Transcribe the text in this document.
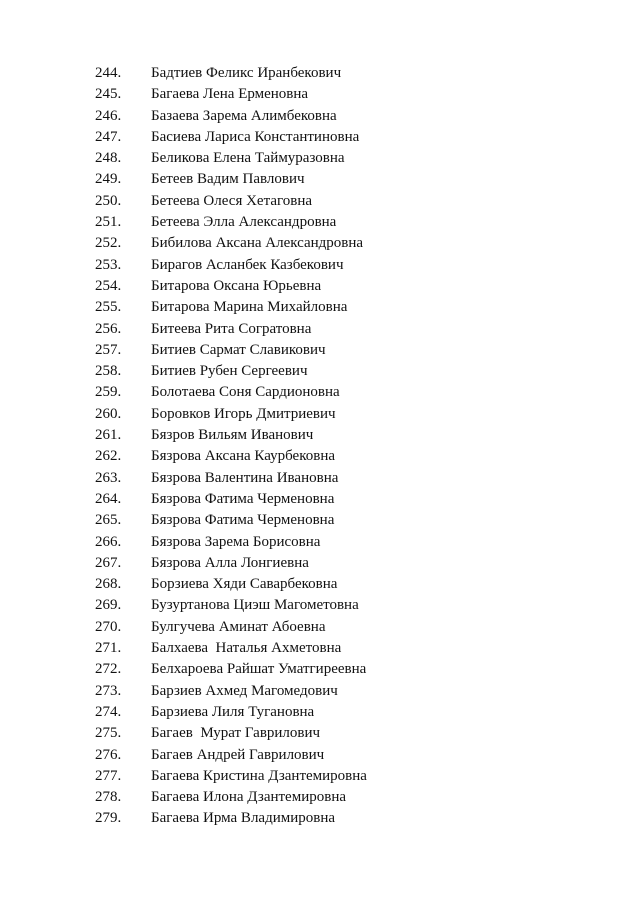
244.	Бадтиев Феликс Иранбекович
245.	Багаева Лена Ерменовна
246.	Базаева Зарема Алимбековна
247.	Басиева Лариса Константиновна
248.	Беликова Елена Таймуразовна
249.	Бетеев Вадим Павлович
250.	Бетеева Олеся Хетаговна
251.	Бетеева Элла Александровна
252.	Бибилова Аксана Александровна
253.	Бирагов Асланбек Казбекович
254.	Битарова Оксана Юрьевна
255.	Битарова Марина Михайловна
256.	Битеева Рита Согратовна
257.	Битиев Сармат Славикович
258.	Битиев Рубен Сергеевич
259.	Болотаева Соня Сардионовна
260.	Боровков Игорь Дмитриевич
261.	Бязров Вильям Иванович
262.	Бязрова Аксана Каурбековна
263.	Бязрова Валентина Ивановна
264.	Бязрова Фатима Черменовна
265.	Бязрова Фатима Черменовна
266.	Бязрова Зарема Борисовна
267.	Бязрова Алла Лонгиевна
268.	Борзиева Хяди Саварбековна
269.	Бузуртанова Циэш Магометовна
270.	Булгучева Аминат Абоевна
271.	Балхаева  Наталья Ахметовна
272.	Белхароева Райшат Уматгиреевна
273.	Барзиев Ахмед Магомедович
274.	Барзиева Лиля Тугановна
275.	Багаев  Мурат Гаврилович
276.	Багаев Андрей Гаврилович
277.	Багаева Кристина Дзантемировна
278.	Багаева Илона Дзантемировна
279.	Багаева Ирма Владимировна
